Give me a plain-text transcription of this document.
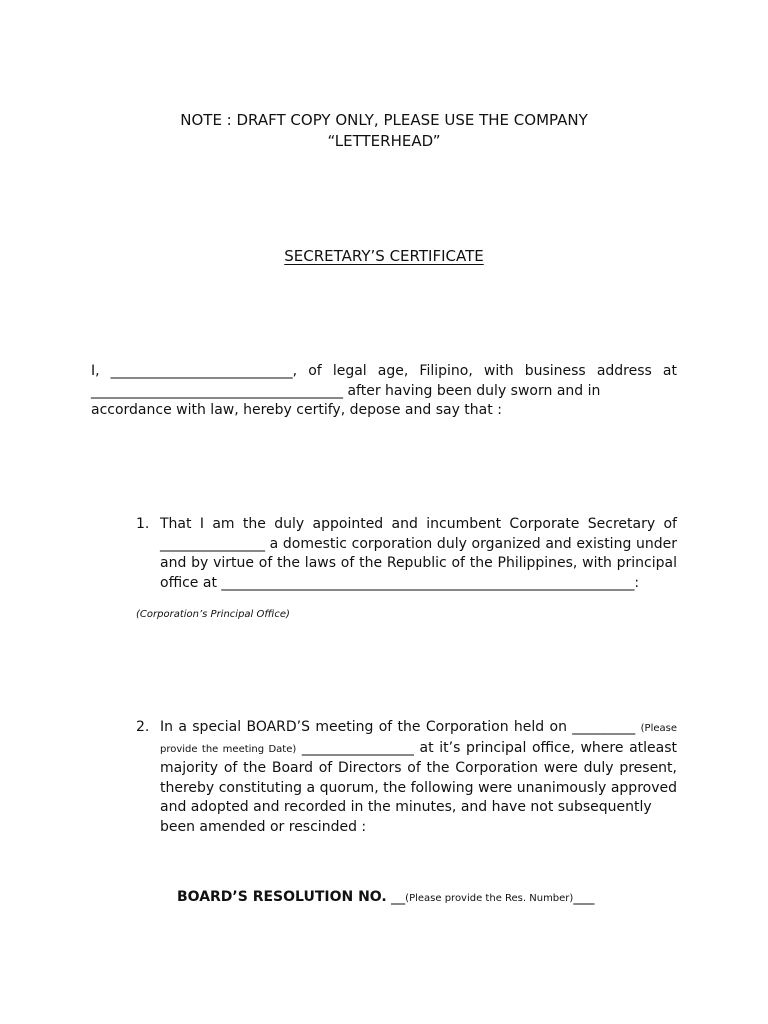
NOTE : DRAFT COPY ONLY, PLEASE USE THE COMPANY
“LETTERHEAD”
SECRETARY’S CERTIFICATE
I, __________________________, of legal age, Filipino, with business address at ____________________________________ after having been duly sworn and in
accordance with law, hereby certify, depose and say that :
1. That I am the duly appointed and incumbent Corporate Secretary of
_______________ a domestic corporation duly organized and existing under
and by virtue of the laws of the Republic of the Philippines, with principal
office at ___________________________________________________________:
(Corporation’s Principal Office)
2. In a special BOARD’S meeting of the Corporation held on _________ (Please provide the meeting Date) ________________ at it’s principal office, where atleast majority of the Board of Directors of the Corporation were duly present, thereby constituting a quorum, the following were unanimously approved and adopted and recorded in the minutes, and have not subsequently
been amended or rescinded :
BOARD’S RESOLUTION NO. __(Please provide the Res. Number)___
